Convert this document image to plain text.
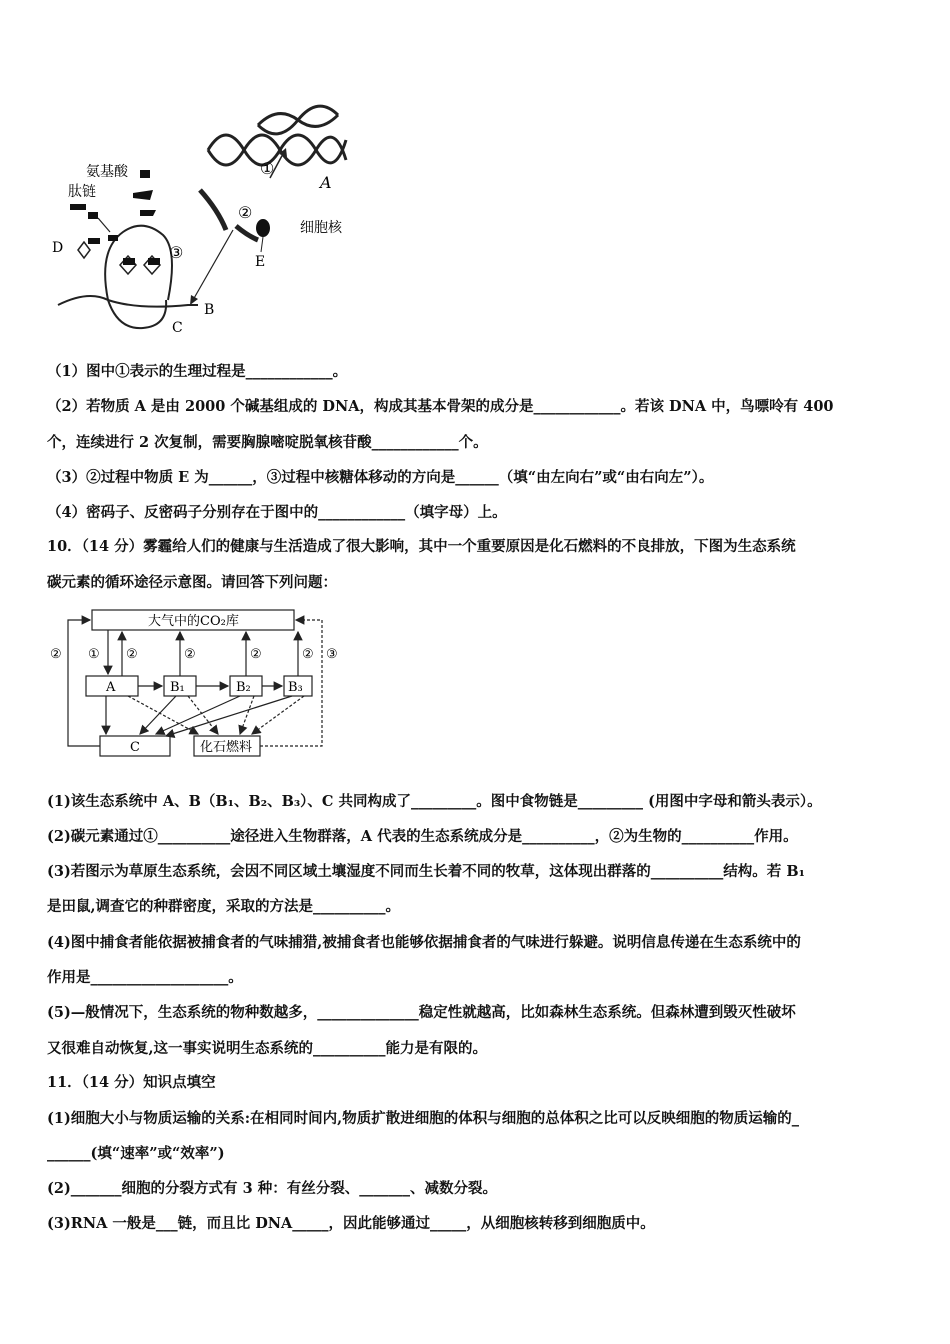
氨基酸
肽链
D	③
②
①
A
细胞核
E
B
C
（1）图中①表示的生理过程是____________。
（2）若物质 A 是由 2000 个碱基组成的 DNA，构成其基本骨架的成分是____________。若该 DNA 中，鸟嘌呤有 400
个，连续进行 2 次复制，需要胸腺嘧啶脱氧核苷酸____________个。
（3）②过程中物质 E 为______，③过程中核糖体移动的方向是______（填“由左向右”或“由右向左”）。
（4）密码子、反密码子分别存在于图中的____________（填字母）上。
10．（14 分）雾霾给人们的健康与生活造成了很大影响，其中一个重要原因是化石燃料的不良排放，下图为生态系统
碳元素的循环途径示意图。请回答下列问题：
大气中的CO₂库
A	B₁	B₂	B₃
C	化石燃料
① ②	②	②	②
②	③
(1)该生态系统中 A、B（B₁、B₂、B₃）、C 共同构成了_________。图中食物链是_________ (用图中字母和箭头表示）。
(2)碳元素通过①__________途径进入生物群落，A 代表的生态系统成分是__________，②为生物的__________作用。
(3)若图示为草原生态系统，会因不同区域土壤湿度不同而生长着不同的牧草，这体现出群落的__________结构。若 B₁
是田鼠,调查它的种群密度，采取的方法是__________。
(4)图中捕食者能依据被捕食者的气味捕猎,被捕食者也能够依据捕食者的气味进行躲避。说明信息传递在生态系统中的
作用是___________________。
(5)—般情况下，生态系统的物种数越多，______________稳定性就越高，比如森林生态系统。但森林遭到毁灭性破坏
又很难自动恢复,这一事实说明生态系统的__________能力是有限的。
11．（14 分）知识点填空
(1)细胞大小与物质运输的关系:在相同时间内,物质扩散进细胞的体积与细胞的总体积之比可以反映细胞的物质运输的_
______(填“速率”或“效率”)
(2)_______细胞的分裂方式有 3 种：有丝分裂、_______、减数分裂。
(3)RNA 一般是___链，而且比 DNA_____，因此能够通过_____，从细胞核转移到细胞质中。
